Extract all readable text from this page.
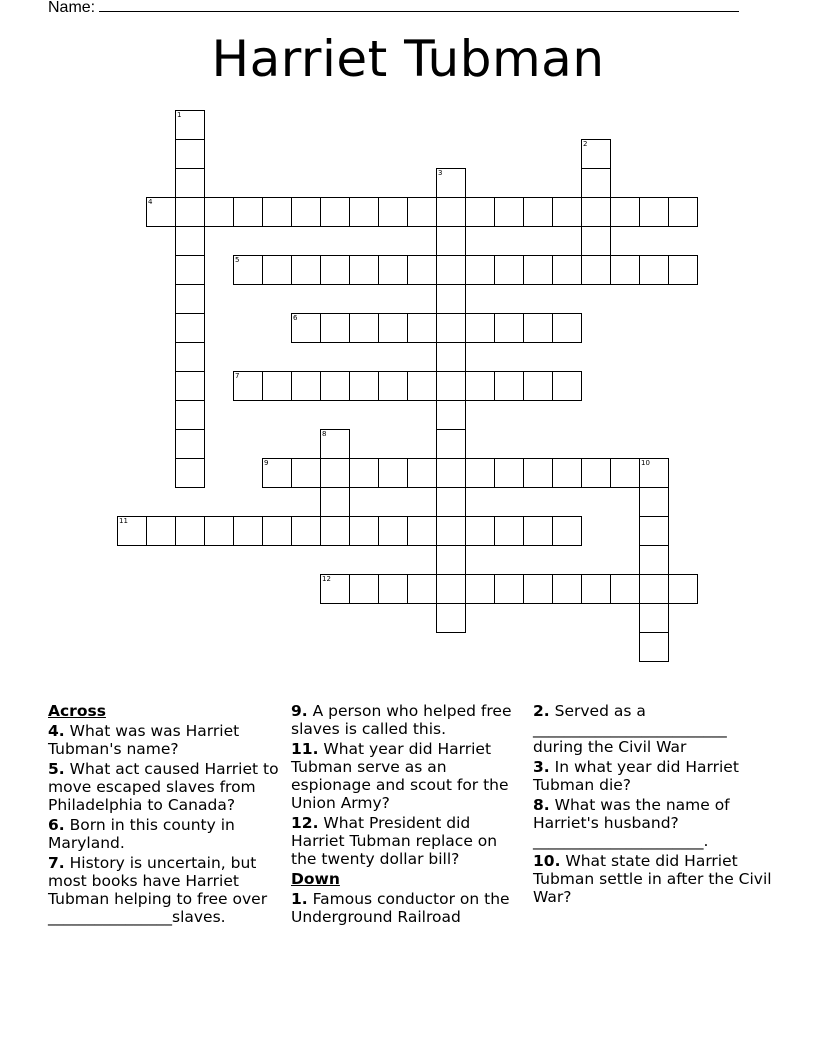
Name:
Harriet Tubman
1
2
3
4
5
6
7
8
9	10
11
12
Across
4. What was was Harriet Tubman's name?
5. What act caused Harriet to move escaped slaves from Philadelphia to Canada?
6. Born in this county in Maryland.
7. History is uncertain, but most books have Harriet Tubman helping to free over ________________slaves.
9. A person who helped free slaves is called this.
11. What year did Harriet Tubman serve as an espionage and scout for the Union Army?
12. What President did Harriet Tubman replace on the twenty dollar bill?
Down
1. Famous conductor on the Underground Railroad
2. Served as a _________________________ during the Civil War
3. In what year did Harriet Tubman die?
8. What was the name of Harriet's husband? ______________________.
10. What state did Harriet Tubman settle in after the Civil War?
